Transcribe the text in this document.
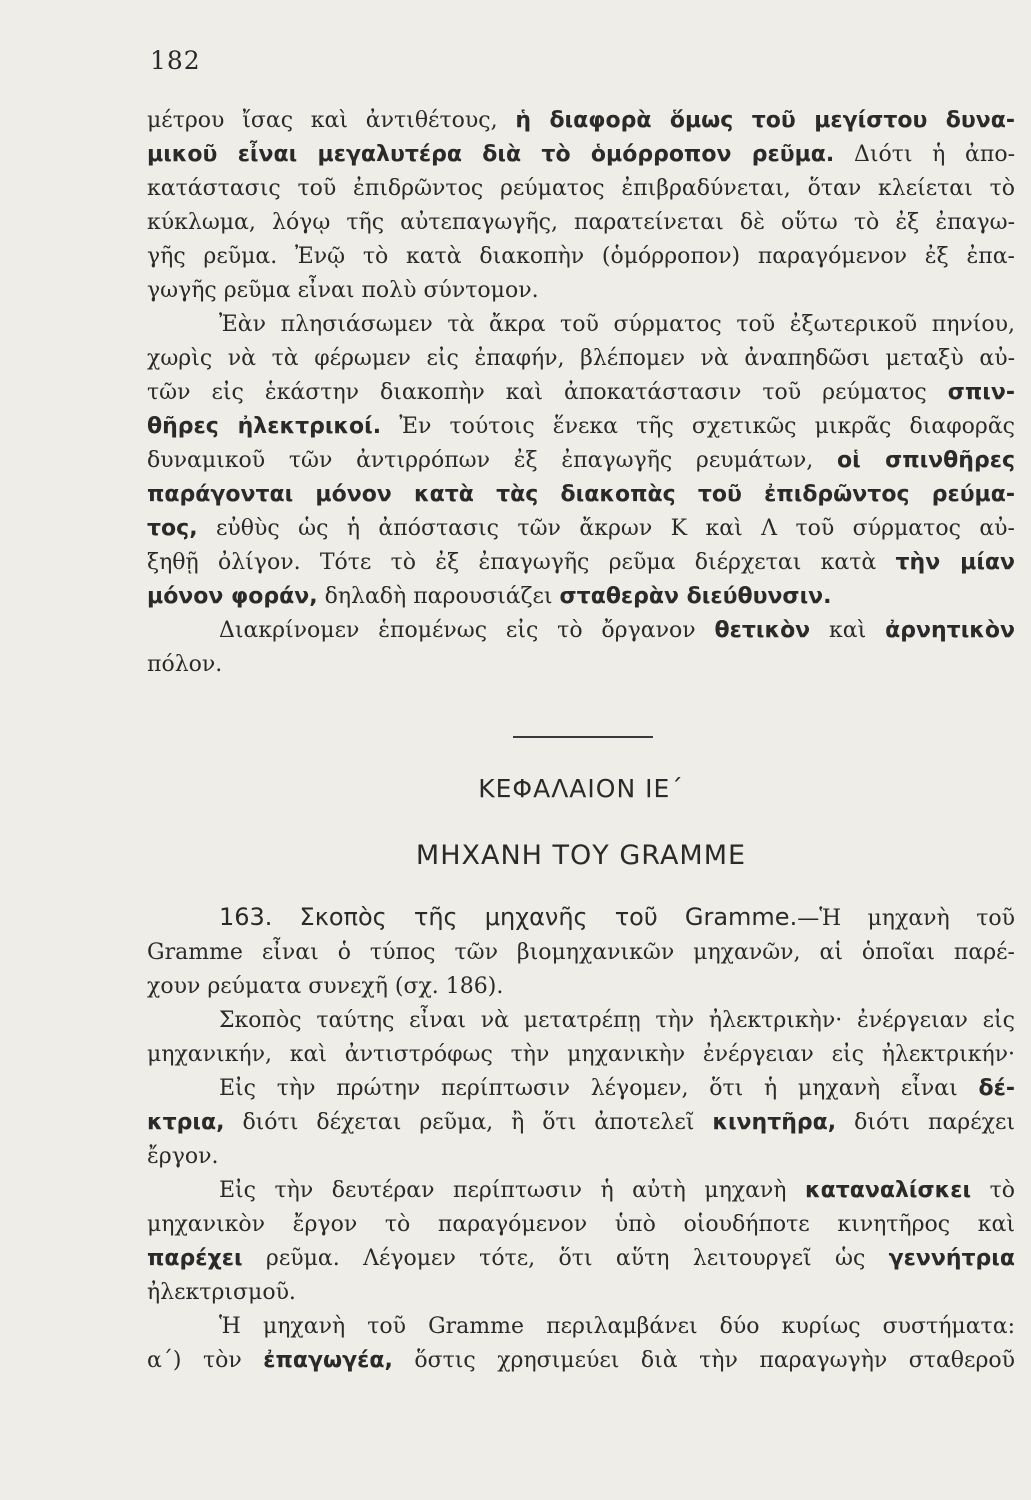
182
μέτρου ἴσας καὶ ἀντιθέτους, ἡ διαφορὰ ὅμως τοῦ μεγίστου δυνα-
μικοῦ εἶναι μεγαλυτέρα διὰ τὸ ὁμόρροπον ρεῦμα. Διότι ἡ ἀπο-
κατάστασις τοῦ ἐπιδρῶντος ρεύματος ἐπιβραδύνεται, ὅταν κλείεται τὸ
κύκλωμα, λόγῳ τῆς αὐτεπαγωγῆς, παρατείνεται δὲ οὕτω τὸ ἐξ ἐπαγω-
γῆς ρεῦμα. Ἐνῷ τὸ κατὰ διακοπὴν (ὁμόρροπον) παραγόμενον ἐξ ἐπα-
γωγῆς ρεῦμα εἶναι πολὺ σύντομον.
Ἐὰν πλησιάσωμεν τὰ ἄκρα τοῦ σύρματος τοῦ ἐξωτερικοῦ πηνίου,
χωρὶς νὰ τὰ φέρωμεν εἰς ἐπαφήν, βλέπομεν νὰ ἀναπηδῶσι μεταξὺ αὐ-
τῶν εἰς ἑκάστην διακοπὴν καὶ ἀποκατάστασιν τοῦ ρεύματος σπιν-
θῆρες ἠλεκτρικοί. Ἐν τούτοις ἕνεκα τῆς σχετικῶς μικρᾶς διαφορᾶς
δυναμικοῦ τῶν ἀντιρρόπων ἐξ ἐπαγωγῆς ρευμάτων, οἱ σπινθῆρες
παράγονται μόνον κατὰ τὰς διακοπὰς τοῦ ἐπιδρῶντος ρεύμα-
τος, εὐθὺς ὡς ἡ ἀπόστασις τῶν ἄκρων Κ καὶ Λ τοῦ σύρματος αὐ-
ξηθῇ ὀλίγον. Τότε τὸ ἐξ ἐπαγωγῆς ρεῦμα διέρχεται κατὰ τὴν μίαν
μόνον φοράν, δηλαδὴ παρουσιάζει σταθερὰν διεύθυνσιν.
Διακρίνομεν ἑπομένως εἰς τὸ ὄργανον θετικὸν καὶ ἀρνητικὸν
πόλον.
ΚΕΦΑΛΑΙΟΝ ΙΕ΄
ΜΗΧΑΝΗ ΤΟΥ GRAMME
163. Σκοπὸς τῆς μηχανῆς τοῦ Gramme.—Ἡ μηχανὴ τοῦ
Gramme εἶναι ὁ τύπος τῶν βιομηχανικῶν μηχανῶν, αἱ ὁποῖαι παρέ-
χουν ρεύματα συνεχῆ (σχ. 186).
Σκοπὸς ταύτης εἶναι νὰ μετατρέπῃ τὴν ἠλεκτρικὴν· ἐνέργειαν εἰς
μηχανικήν, καὶ ἀντιστρόφως τὴν μηχανικὴν ἐνέργειαν εἰς ἠλεκτρικήν·
Εἰς τὴν πρώτην περίπτωσιν λέγομεν, ὅτι ἡ μηχανὴ εἶναι δέ-
κτρια, διότι δέχεται ρεῦμα, ἢ ὅτι ἀποτελεῖ κινητῆρα, διότι παρέχει
ἔργον.
Εἰς τὴν δευτέραν περίπτωσιν ἡ αὐτὴ μηχανὴ καταναλίσκει τὸ
μηχανικὸν ἔργον τὸ παραγόμενον ὑπὸ οἱουδήποτε κινητῆρος καὶ
παρέχει ρεῦμα. Λέγομεν τότε, ὅτι αὕτη λειτουργεῖ ὡς γεννήτρια
ἠλεκτρισμοῦ.
Ἡ μηχανὴ τοῦ Gramme περιλαμβάνει δύο κυρίως συστήματα:
α΄) τὸν ἐπαγωγέα, ὅστις χρησιμεύει διὰ τὴν παραγωγὴν σταθεροῦ
